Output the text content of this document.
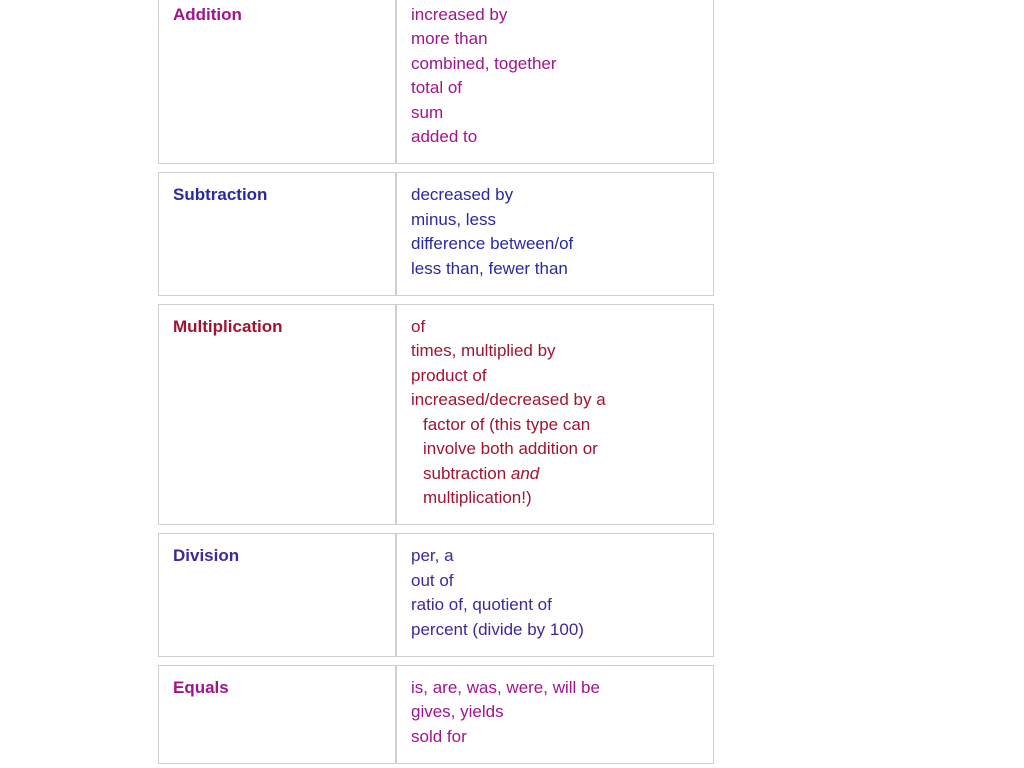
Addition	increased by
more than
combined, together
total of
sum
added to

Subtraction	decreased by
minus, less
difference between/of
less than, fewer than

Multiplication	of
times, multiplied by
product of
increased/decreased by a
factor of (this type can
involve both addition or
subtraction and
multiplication!)

Division	per, a
out of
ratio of, quotient of
percent (divide by 100)

Equals	is, are, was, were, will be
gives, yields
sold for
